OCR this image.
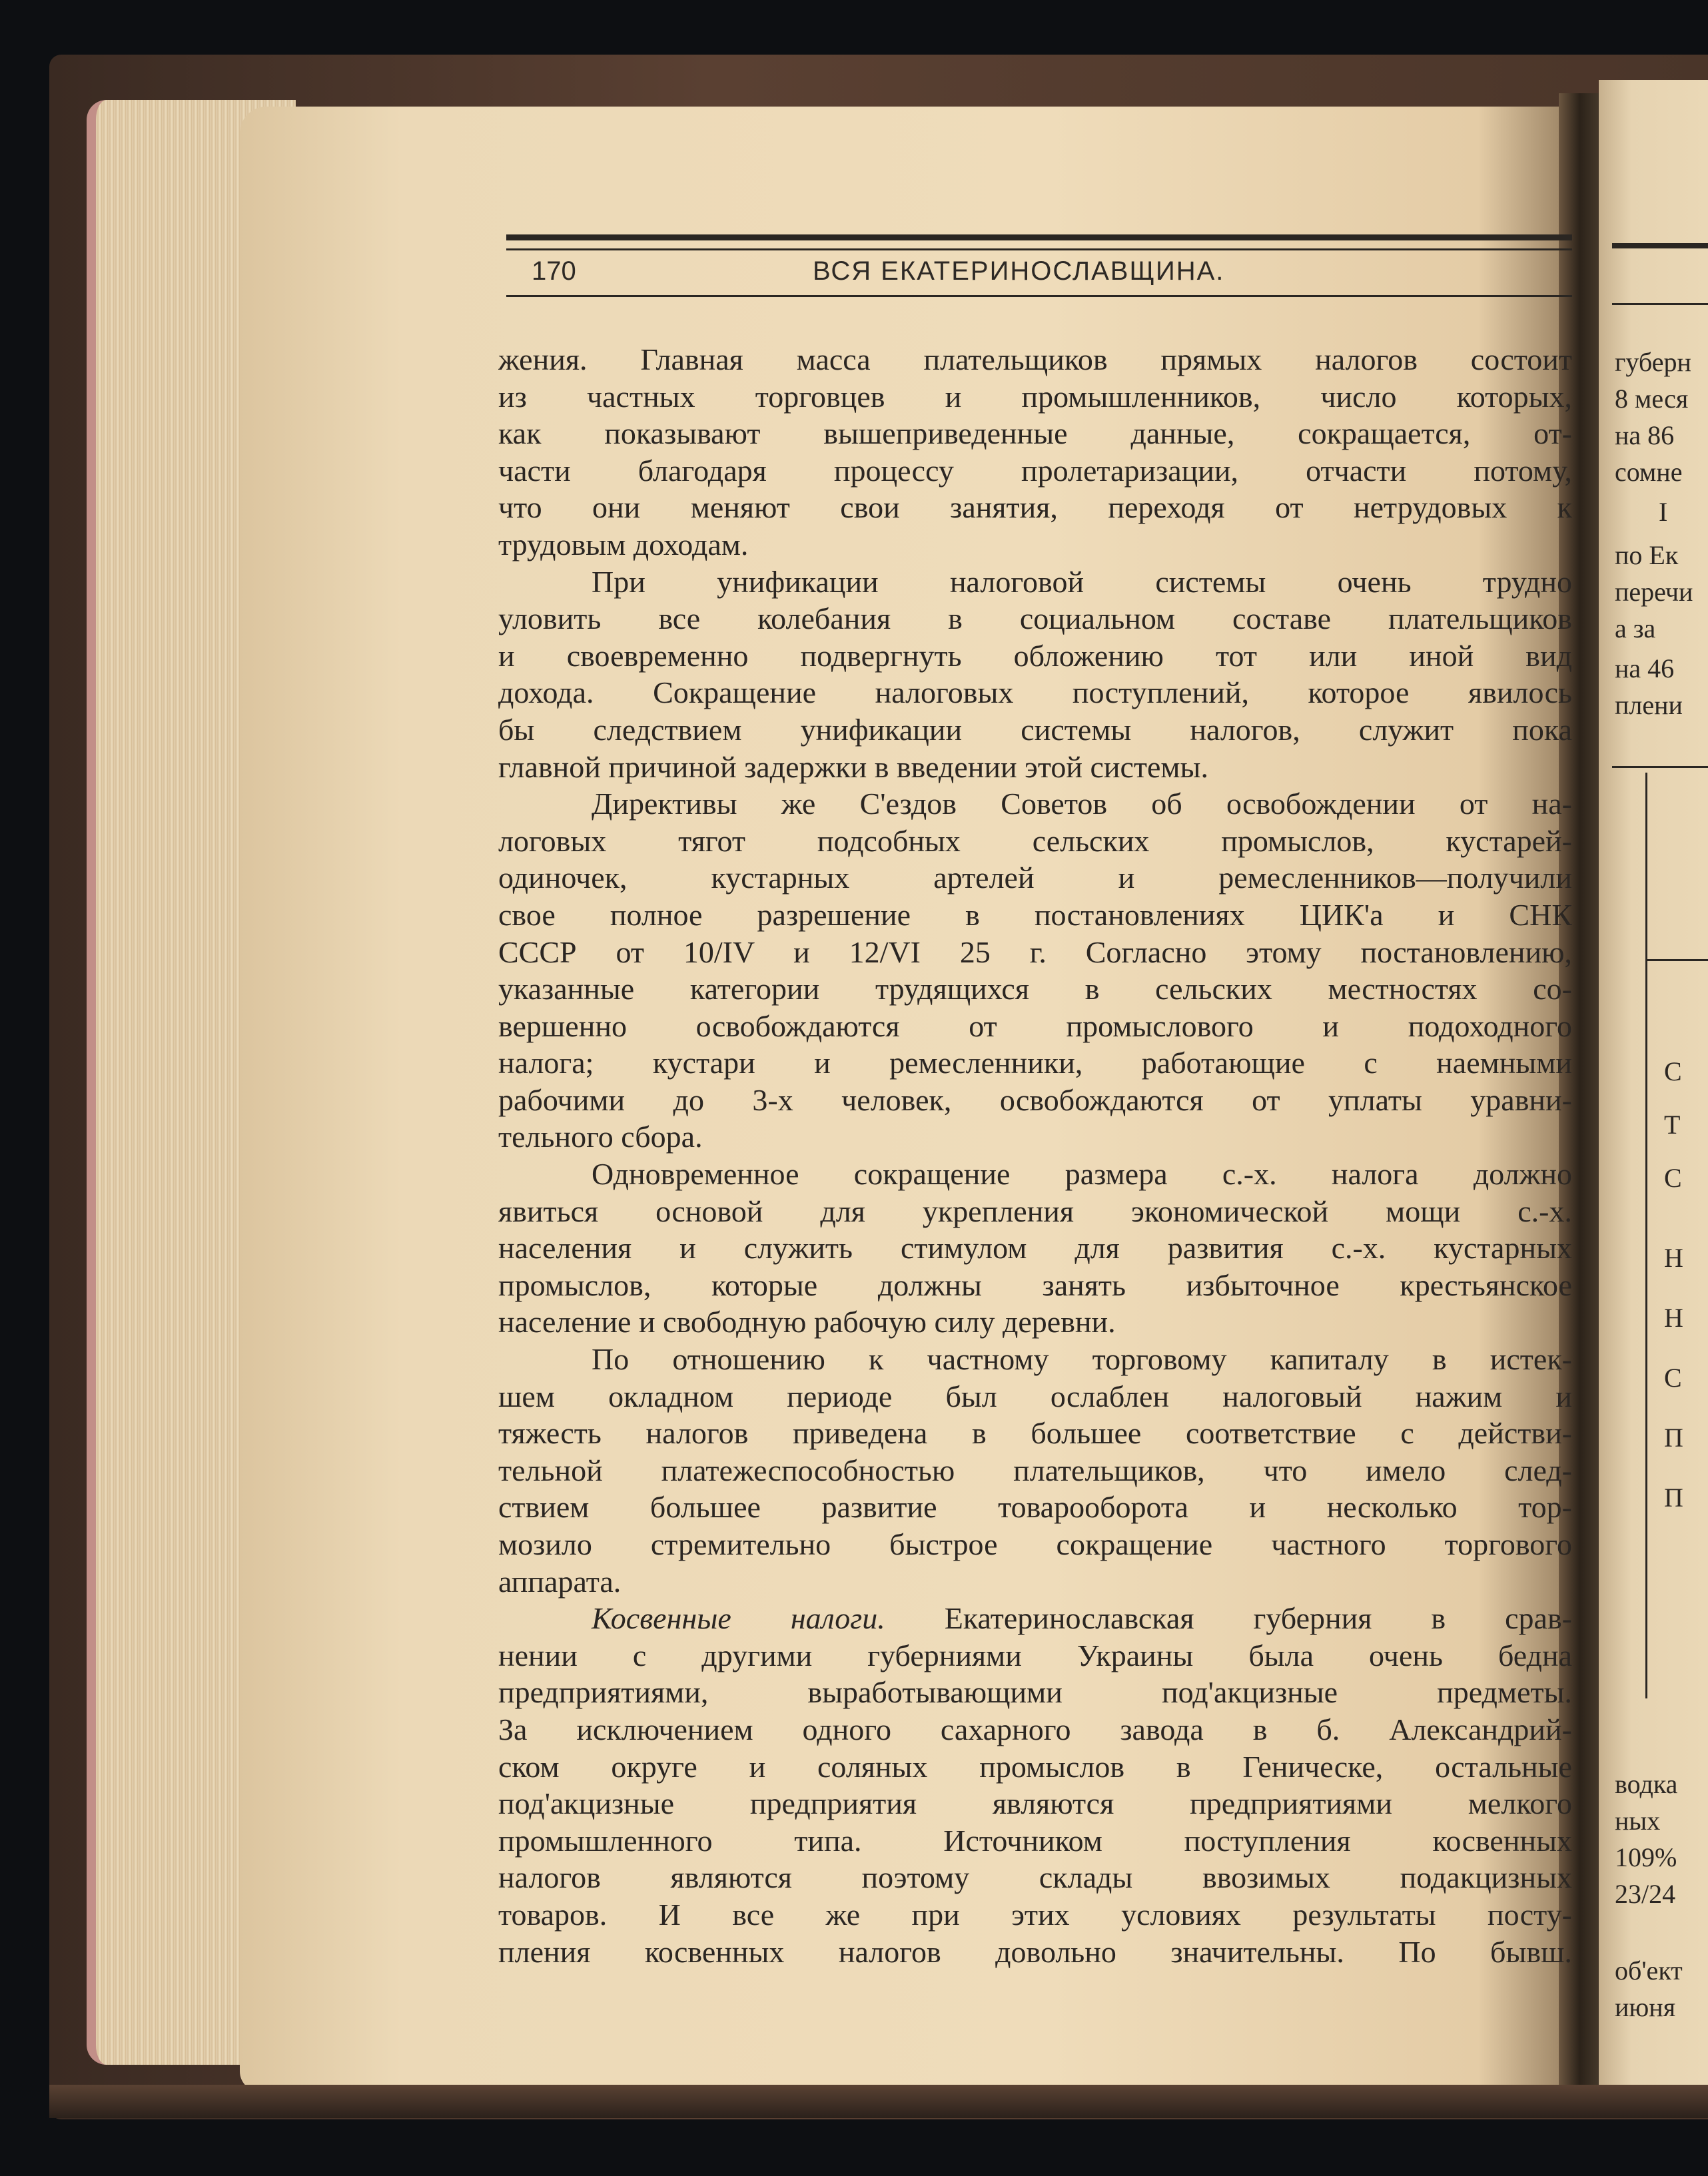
170	ВСЯ ЕКАТЕРИНОСЛАВЩИНА.
жения. Главная масса плательщиков прямых налогов состоит
из частных торговцев и промышленников, число которых,
как показывают вышеприведенные данные, сокращается, от-
части благодаря процессу пролетаризации, отчасти потому,
что они меняют свои занятия, переходя от нетрудовых к
трудовым доходам.
При унификации налоговой системы очень трудно
уловить все колебания в социальном составе плательщиков
и своевременно подвергнуть обложению тот или иной вид
дохода. Сокращение налоговых поступлений, которое явилось
бы следствием унификации системы налогов, служит пока
главной причиной задержки в введении этой системы.
Директивы же С'ездов Советов об освобождении от на-
логовых тягот подсобных сельских промыслов, кустарей-
одиночек, кустарных артелей и ремесленников—получили
свое полное разрешение в постановлениях ЦИК'а и СНК
СССР от 10/IV и 12/VI 25 г. Согласно этому постановлению,
указанные категории трудящихся в сельских местностях со-
вершенно освобождаются от промыслового и подоходного
налога; кустари и ремесленники, работающие с наемными
рабочими до 3-х человек, освобождаются от уплаты уравни-
тельного сбора.
Одновременное сокращение размера с.-х. налога должно
явиться основой для укрепления экономической мощи с.-х.
населения и служить стимулом для развития с.-х. кустарных
промыслов, которые должны занять избыточное крестьянское
население и свободную рабочую силу деревни.
По отношению к частному торговому капиталу в истек-
шем окладном периоде был ослаблен налоговый нажим и
тяжесть налогов приведена в большее соответствие с действи-
тельной платежеспособностью плательщиков, что имело след-
ствием большее развитие товарооборота и несколько тор-
мозило стремительно быстрое сокращение частного торгового
аппарата.
Косвенные налоги. Екатеринославская губерния в срав-
нении с другими губерниями Украины была очень бедна
предприятиями, выработывающими под'акцизные предметы.
За исключением одного сахарного завода в б. Александрий-
ском округе и соляных промыслов в Геническе, остальные
под'акцизные предприятия являются предприятиями мелкого
промышленного типа. Источником поступления косвенных
налогов являются поэтому склады ввозимых подакцизных
товаров. И все же при этих условиях результаты посту-
пления косвенных налогов довольно значительны. По бывш.
губерн
8 меся
на 86
сомне
I
по Ек
перечи
а за
на 46
плени
С
Т
С
Н
Н
С
П
П
водка
ных
109%
23/24
об'ект
июня
